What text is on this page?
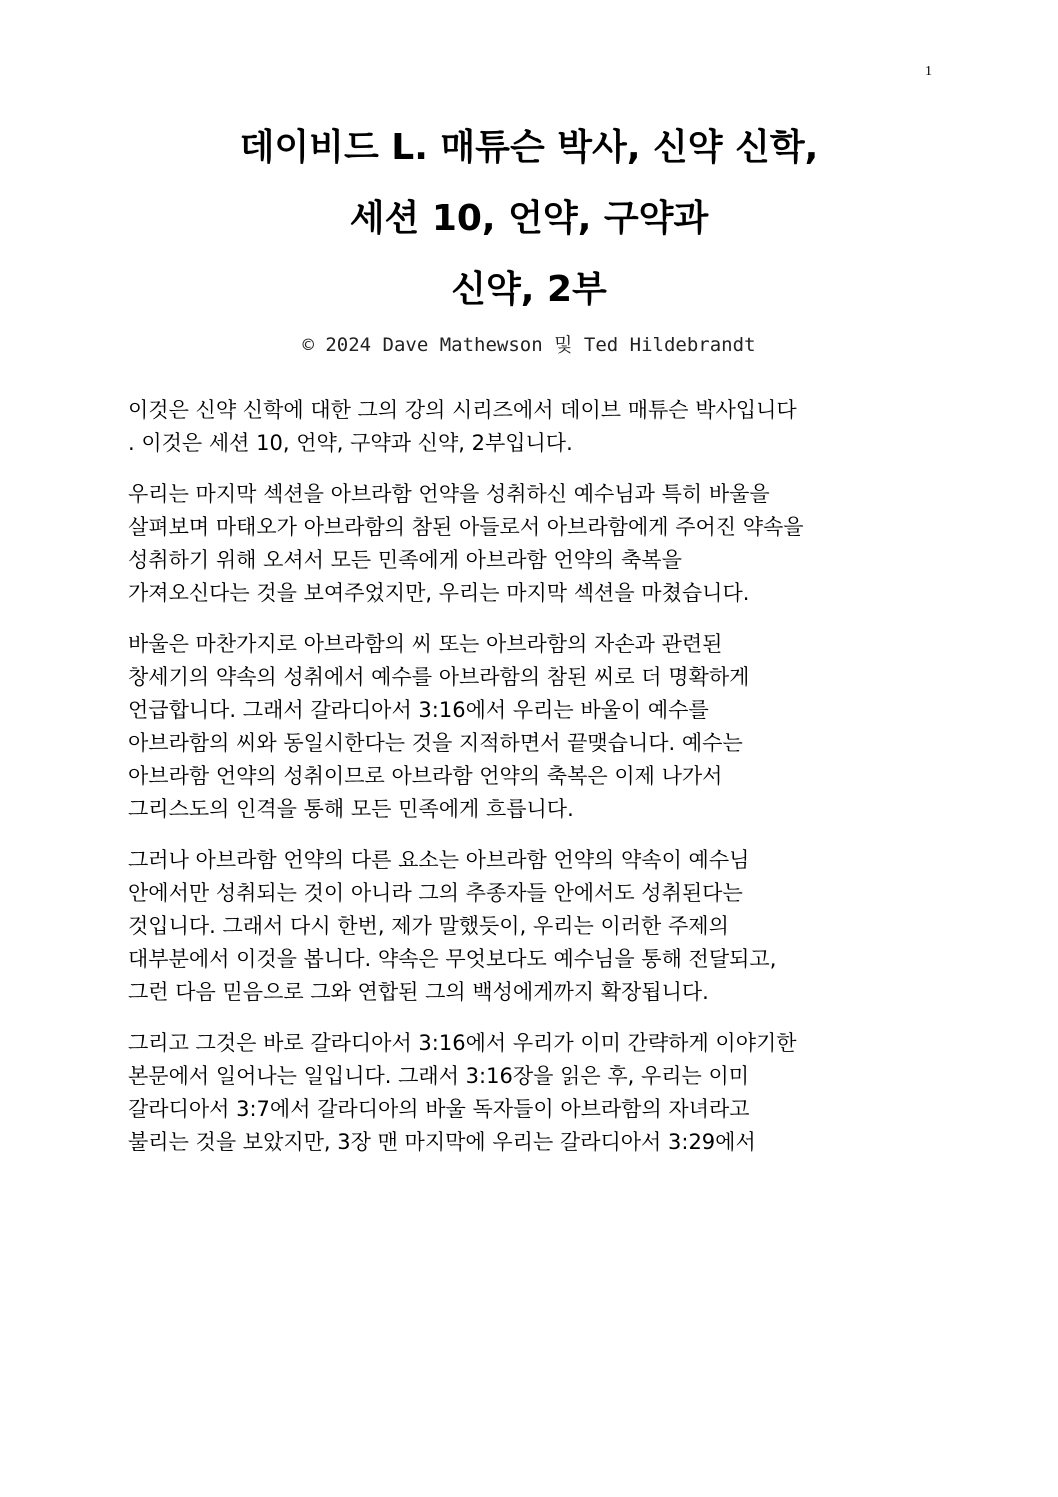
1
데이비드 L. 매튜슨 박사, 신약 신학,
세션 10, 언약, 구약과
신약, 2부
© 2024 Dave Mathewson 및 Ted Hildebrandt
이것은 신약 신학에 대한 그의 강의 시리즈에서 데이브 매튜슨 박사입니다
. 이것은 세션 10, 언약, 구약과 신약, 2부입니다.
우리는 마지막 섹션을 아브라함 언약을 성취하신 예수님과 특히 바울을
살펴보며 마태오가 아브라함의 참된 아들로서 아브라함에게 주어진 약속을
성취하기 위해 오셔서 모든 민족에게 아브라함 언약의 축복을
가져오신다는 것을 보여주었지만, 우리는 마지막 섹션을 마쳤습니다.
바울은 마찬가지로 아브라함의 씨 또는 아브라함의 자손과 관련된
창세기의 약속의 성취에서 예수를 아브라함의 참된 씨로 더 명확하게
언급합니다. 그래서 갈라디아서 3:16에서 우리는 바울이 예수를
아브라함의 씨와 동일시한다는 것을 지적하면서 끝맺습니다. 예수는
아브라함 언약의 성취이므로 아브라함 언약의 축복은 이제 나가서
그리스도의 인격을 통해 모든 민족에게 흐릅니다.
그러나 아브라함 언약의 다른 요소는 아브라함 언약의 약속이 예수님
안에서만 성취되는 것이 아니라 그의 추종자들 안에서도 성취된다는
것입니다. 그래서 다시 한번, 제가 말했듯이, 우리는 이러한 주제의
대부분에서 이것을 봅니다. 약속은 무엇보다도 예수님을 통해 전달되고,
그런 다음 믿음으로 그와 연합된 그의 백성에게까지 확장됩니다.
그리고 그것은 바로 갈라디아서 3:16에서 우리가 이미 간략하게 이야기한
본문에서 일어나는 일입니다. 그래서 3:16장을 읽은 후, 우리는 이미
갈라디아서 3:7에서 갈라디아의 바울 독자들이 아브라함의 자녀라고
불리는 것을 보았지만, 3장 맨 마지막에 우리는 갈라디아서 3:29에서
